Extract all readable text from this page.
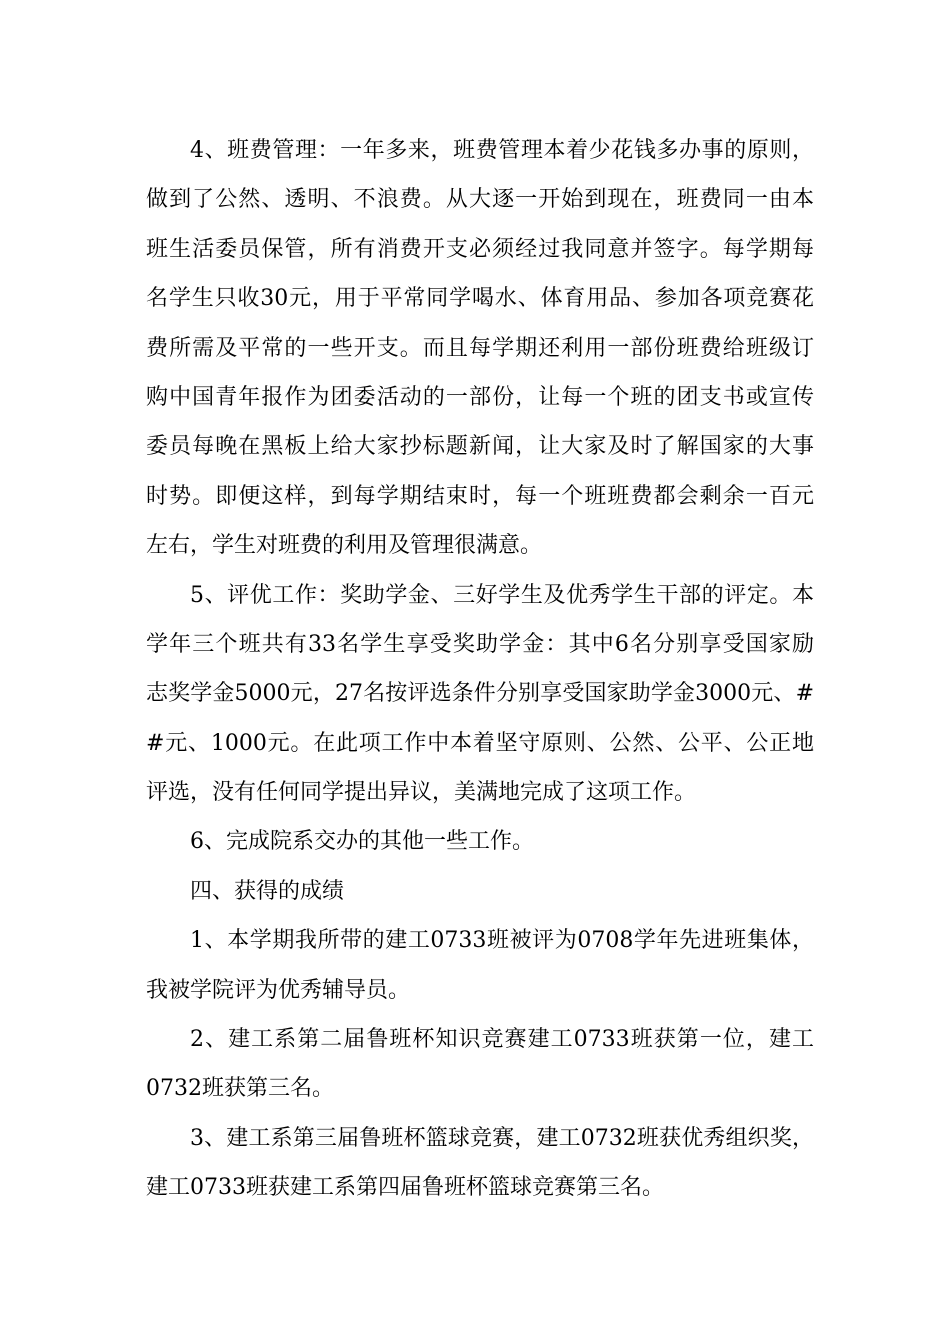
4、班费管理：一年多来，班费管理本着少花钱多办事的原则，
做到了公然、透明、不浪费。从大逐一开始到现在，班费同一由本
班生活委员保管，所有消费开支必须经过我同意并签字。每学期每
名学生只收30元，用于平常同学喝水、体育用品、参加各项竞赛花
费所需及平常的一些开支。而且每学期还利用一部份班费给班级订
购中国青年报作为团委活动的一部份，让每一个班的团支书或宣传
委员每晚在黑板上给大家抄标题新闻，让大家及时了解国家的大事
时势。即便这样，到每学期结束时，每一个班班费都会剩余一百元
左右，学生对班费的利用及管理很满意。
5、评优工作：奖助学金、三好学生及优秀学生干部的评定。本
学年三个班共有33名学生享受奖助学金：其中6名分别享受国家励
志奖学金5000元，27名按评选条件分别享受国家助学金3000元、#
#元、1000元。在此项工作中本着坚守原则、公然、公平、公正地
评选，没有任何同学提出异议，美满地完成了这项工作。
6、完成院系交办的其他一些工作。
四、获得的成绩
1、本学期我所带的建工0733班被评为0708学年先进班集体，
我被学院评为优秀辅导员。
2、建工系第二届鲁班杯知识竞赛建工0733班获第一位，建工
0732班获第三名。
3、建工系第三届鲁班杯篮球竞赛，建工0732班获优秀组织奖，
建工0733班获建工系第四届鲁班杯篮球竞赛第三名。
